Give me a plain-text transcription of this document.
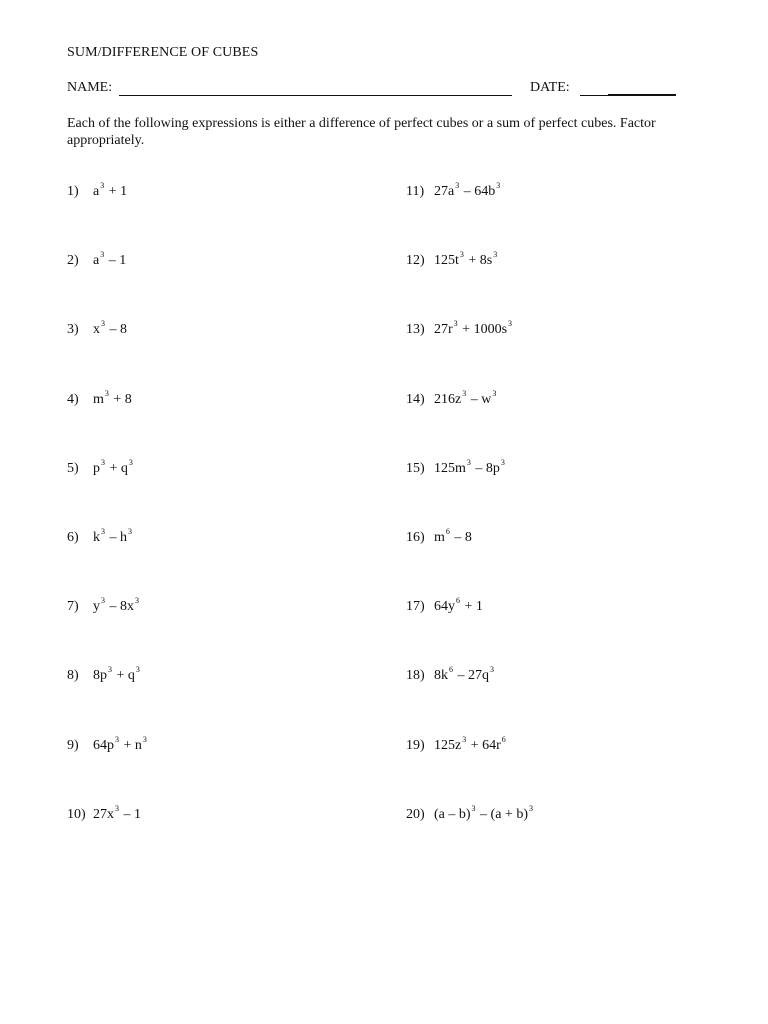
SUM/DIFFERENCE OF CUBES
NAME:	DATE:
Each of the following expressions is either a difference of perfect cubes or a sum of perfect cubes. Factor appropriately.
1) $a^3 + 1$
2) $a^3 - 1$
3) $x^3 - 8$
4) $m^3 + 8$
5) $p^3 + q^3$
6) $k^3 - h^3$
7) $y^3 - 8x^3$
8) $8p^3 + q^3$
9) $64p^3 + n^3$
10) $27x^3 - 1$
11) $27a^3 - 64b^3$
12) $125t^3 + 8s^3$
13) $27r^3 + 1000s^3$
14) $216z^3 - w^3$
15) $125m^3 - 8p^3$
16) $m^6 - 8$
17) $64y^6 + 1$
18) $8k^6 - 27q^3$
19) $125z^3 + 64r^6$
20) $(a - b)^3 - (a + b)^3$
